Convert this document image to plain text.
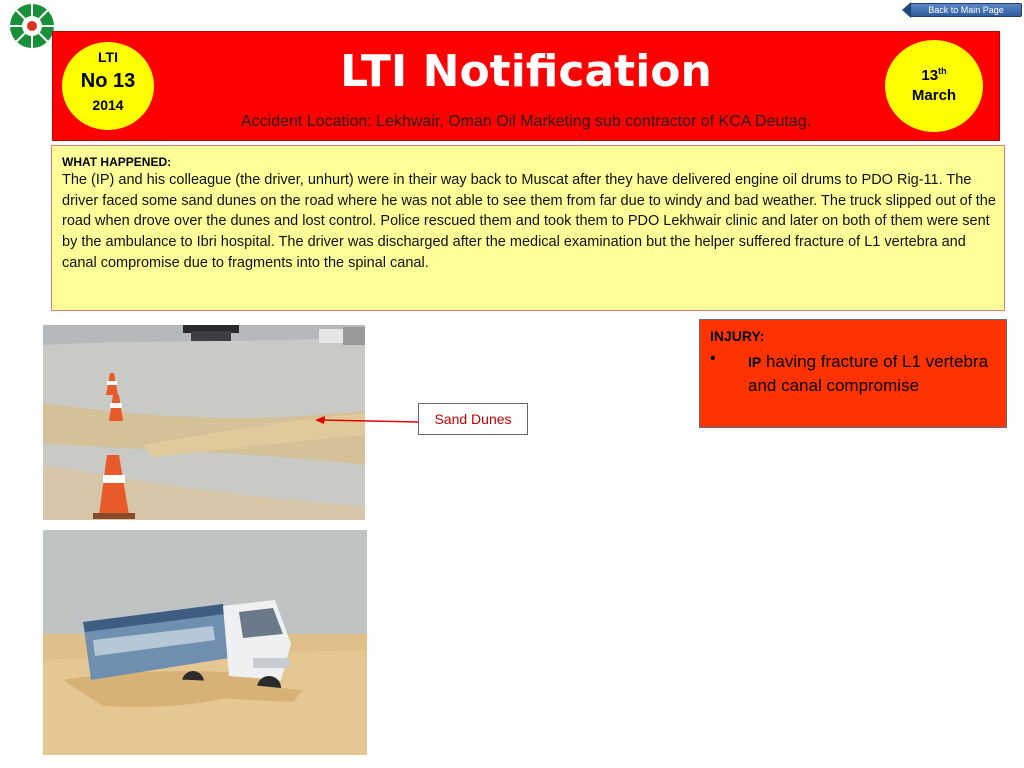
Back to Main Page
LTI Notification
Accident Location: Lekhwair, Oman Oil Marketing sub contractor of KCA Deutag.
LTI
No 13
2014
13th
March
WHAT HAPPENED:
The (IP) and his colleague (the driver, unhurt) were in their way back to Muscat after they have delivered engine oil drums to PDO Rig-11. The driver faced some sand dunes on the road where he was not able to see them from far due to windy and bad weather. The truck slipped out of the road when drove over the dunes and lost control. Police rescued them and took them to PDO Lekhwair clinic and later on both of them were sent by the ambulance to Ibri hospital. The driver was discharged after the medical examination but the helper suffered fracture of L1 vertebra and canal compromise due to fragments into the spinal canal.
Sand Dunes
INJURY:
• IP having fracture of L1 vertebra and canal compromise
